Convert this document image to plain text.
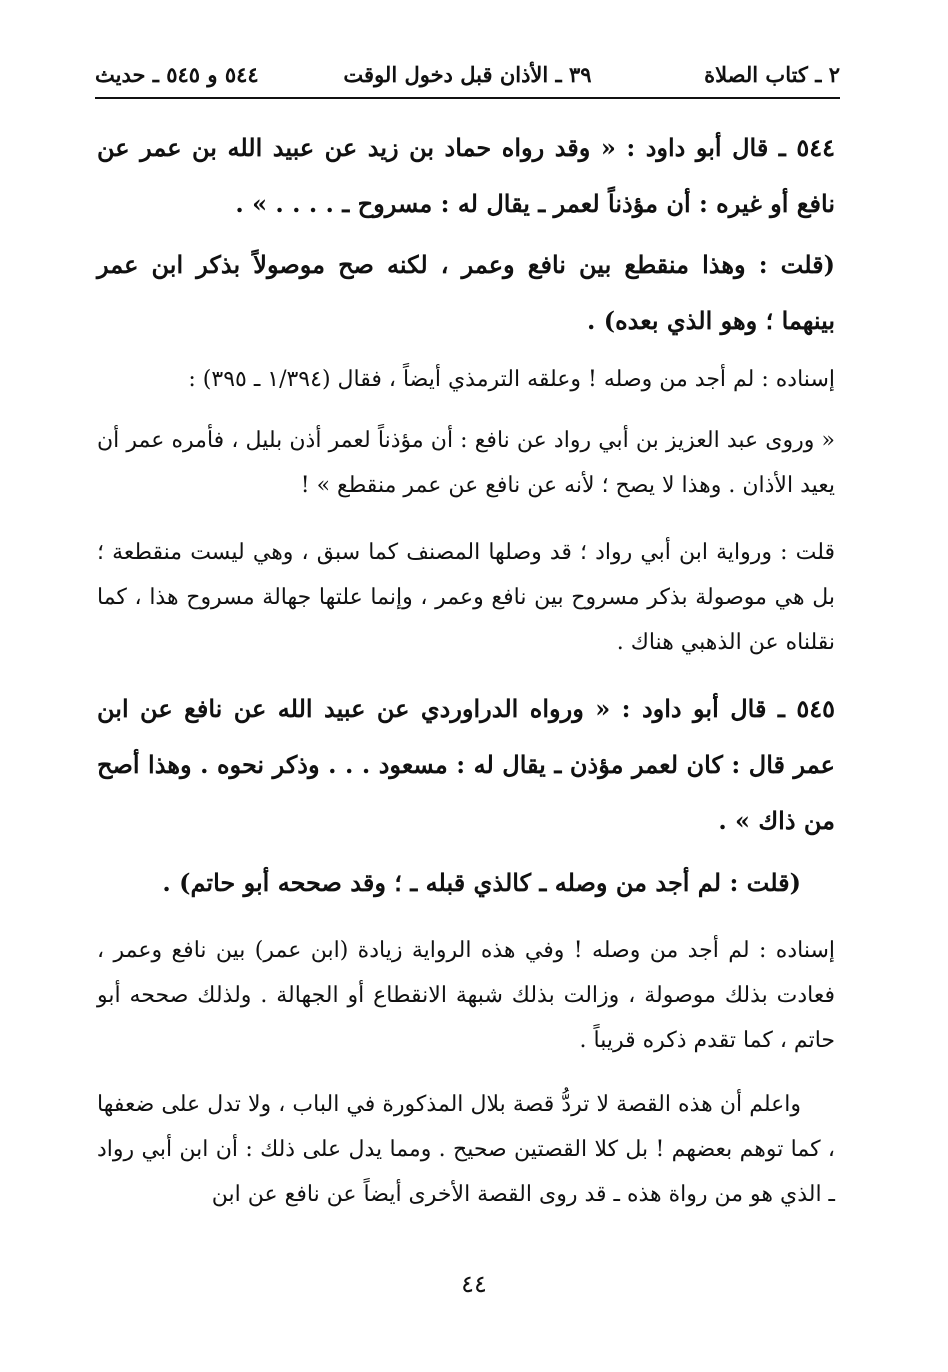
٢ ـ كتاب الصلاة
٣٩ ـ الأذان قبل دخول الوقت
٥٤٤ و ٥٤٥ ـ حديث

٥٤٤ ـ قال أبو داود : « وقد رواه حماد بن زيد عن عبيد الله بن عمر عن نافع أو غيره : أن مؤذناً لعمر ـ يقال له : مسروح ـ . . . . » .

(قلت : وهذا منقطع بين نافع وعمر ، لكنه صح موصولاً بذكر ابن عمر بينهما ؛ وهو الذي بعده) .

إسناده : لم أجد من وصله ! وعلقه الترمذي أيضاً ، فقال (١/٣٩٤ ـ ٣٩٥) :

« وروى عبد العزيز بن أبي رواد عن نافع : أن مؤذناً لعمر أذن بليل ، فأمره عمر أن يعيد الأذان . وهذا لا يصح ؛ لأنه عن نافع عن عمر منقطع » !

قلت : ورواية ابن أبي رواد ؛ قد وصلها المصنف كما سبق ، وهي ليست منقطعة ؛ بل هي موصولة بذكر مسروح بين نافع وعمر ، وإنما علتها جهالة مسروح هذا ، كما نقلناه عن الذهبي هناك .

٥٤٥ ـ قال أبو داود : « ورواه الدراوردي عن عبيد الله عن نافع عن ابن عمر قال : كان لعمر مؤذن ـ يقال له : مسعود . . . وذكر نحوه . وهذا أصح من ذاك » .

(قلت : لم أجد من وصله ـ كالذي قبله ـ ؛ وقد صححه أبو حاتم) .

إسناده : لم أجد من وصله ! وفي هذه الرواية زيادة (ابن عمر) بين نافع وعمر ، فعادت بذلك موصولة ، وزالت بذلك شبهة الانقطاع أو الجهالة . ولذلك صححه أبو حاتم ، كما تقدم ذكره قريباً .

واعلم أن هذه القصة لا تردُّ قصة بلال المذكورة في الباب ، ولا تدل على ضعفها ، كما توهم بعضهم ! بل كلا القصتين صحيح . ومما يدل على ذلك : أن ابن أبي رواد ـ الذي هو من رواة هذه ـ قد روى القصة الأخرى أيضاً عن نافع عن ابن

٤٤
